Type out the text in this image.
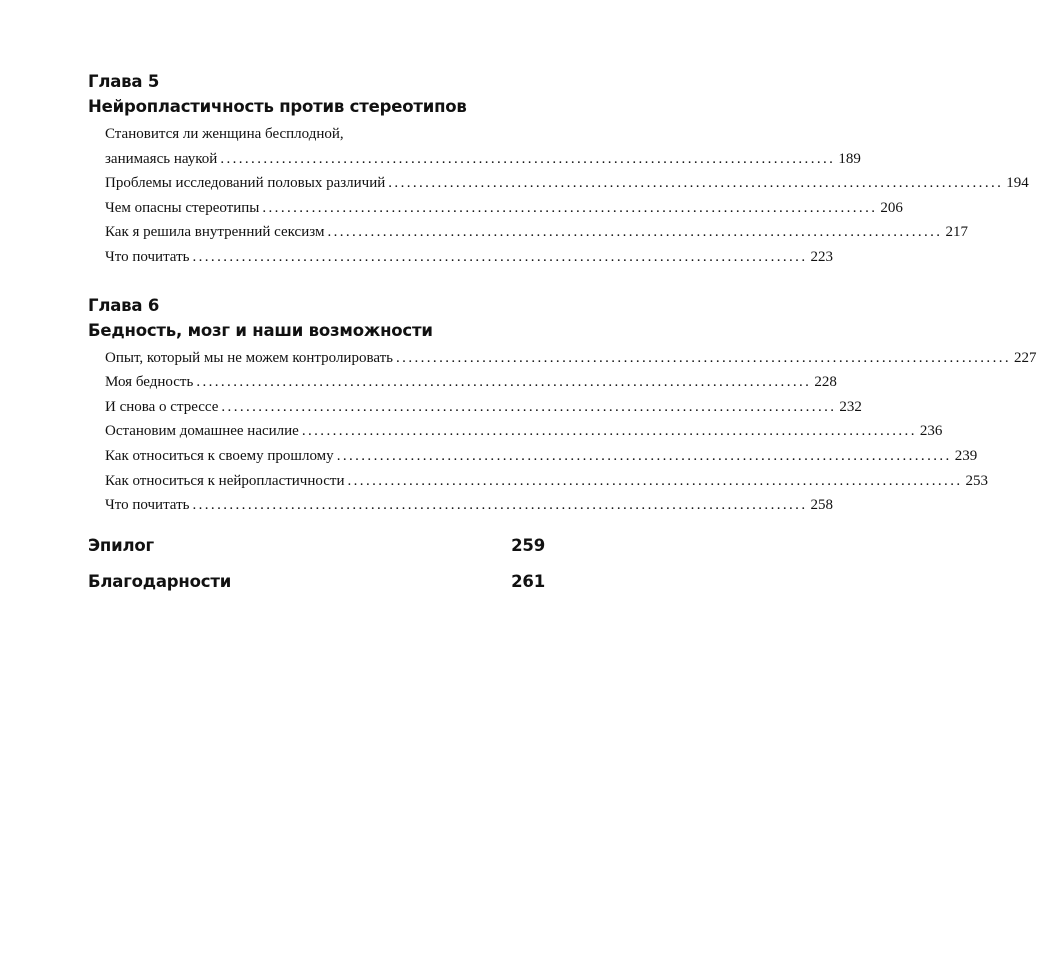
Глава 5
Нейропластичность против стереотипов
Становится ли женщина бесплодной,
занимаясь наукой .................................................................................................... 189
Проблемы исследований половых различий .................................................................................................... 194
Чем опасны стереотипы .................................................................................................... 206
Как я решила внутренний сексизм .................................................................................................... 217
Что почитать .................................................................................................... 223
Глава 6
Бедность, мозг и наши возможности
Опыт, который мы не можем контролировать .................................................................................................... 227
Моя бедность .................................................................................................... 228
И снова о стрессе .................................................................................................... 232
Остановим домашнее насилие .................................................................................................... 236
Как относиться к своему прошлому .................................................................................................... 239
Как относиться к нейропластичности .................................................................................................... 253
Что почитать .................................................................................................... 258
Эпилог	259
Благодарности	261
